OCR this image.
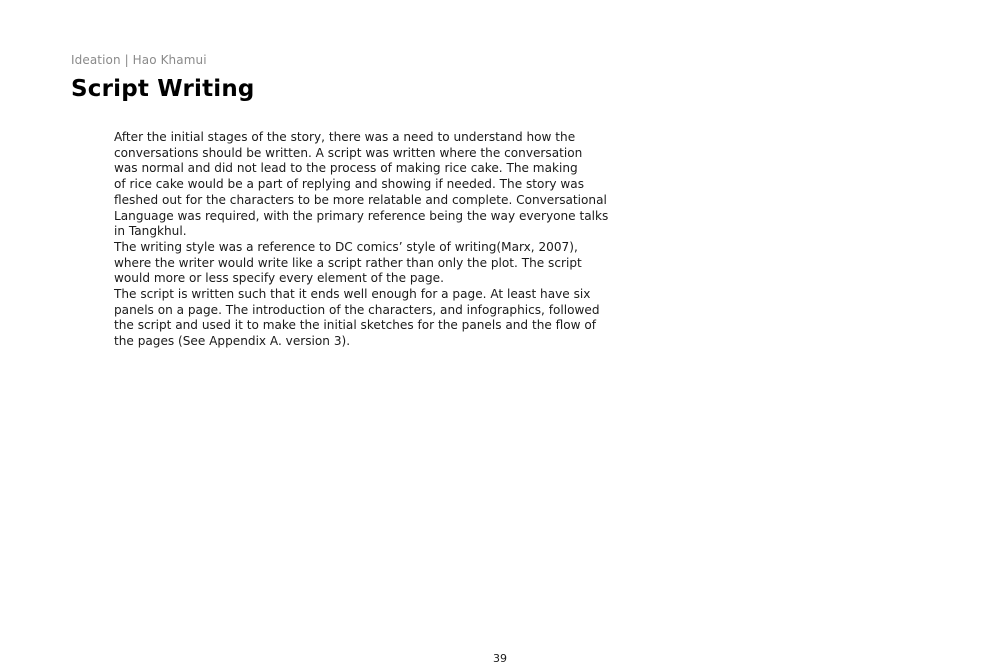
Ideation | Hao Khamui
Script Writing

After the initial stages of the story, there was a need to understand how the

conversations should be written. A script was written where the conversation

was normal and did not lead to the process of making rice cake. The making

of rice cake would be a part of replying and showing if needed. The story was

fleshed out for the characters to be more relatable and complete. Conversational

Language was required, with the primary reference being the way everyone talks

in Tangkhul.

The writing style was a reference to DC comics’ style of writing(Marx, 2007),

where the writer would write like a script rather than only the plot. The script

would more or less specify every element of the page.

The script is written such that it ends well enough for a page. At least have six

panels on a page. The introduction of the characters, and infographics, followed

the script and used it to make the initial sketches for the panels and the flow of

the pages (See Appendix A. version 3).

39
